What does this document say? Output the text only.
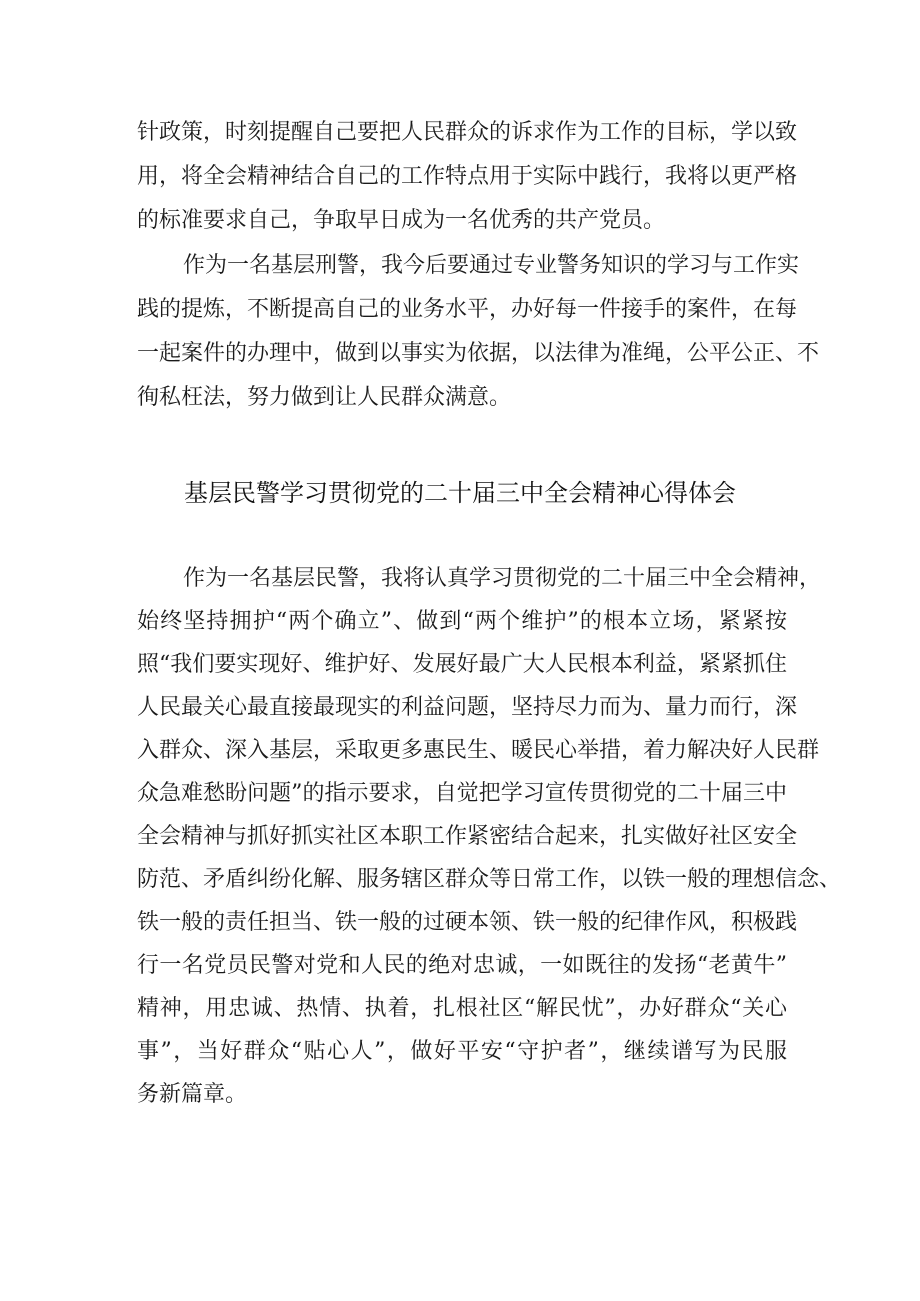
针政策，时刻提醒自己要把人民群众的诉求作为工作的目标，学以致
用，将全会精神结合自己的工作特点用于实际中践行，我将以更严格
的标准要求自己，争取早日成为一名优秀的共产党员。
作为一名基层刑警，我今后要通过专业警务知识的学习与工作实
践的提炼，不断提高自己的业务水平，办好每一件接手的案件，在每
一起案件的办理中，做到以事实为依据，以法律为准绳，公平公正、不
徇私枉法，努力做到让人民群众满意。
基层民警学习贯彻党的二十届三中全会精神心得体会
作为一名基层民警，我将认真学习贯彻党的二十届三中全会精神，
始终坚持拥护“两个确立”、做到“两个维护”的根本立场，紧紧按
照“我们要实现好、维护好、发展好最广大人民根本利益，紧紧抓住
人民最关心最直接最现实的利益问题，坚持尽力而为、量力而行，深
入群众、深入基层，采取更多惠民生、暖民心举措，着力解决好人民群
众急难愁盼问题”的指示要求，自觉把学习宣传贯彻党的二十届三中
全会精神与抓好抓实社区本职工作紧密结合起来，扎实做好社区安全
防范、矛盾纠纷化解、服务辖区群众等日常工作，以铁一般的理想信念、
铁一般的责任担当、铁一般的过硬本领、铁一般的纪律作风，积极践
行一名党员民警对党和人民的绝对忠诚，一如既往的发扬“老黄牛”
精神，用忠诚、热情、执着，扎根社区“解民忧”，办好群众“关心
事”，当好群众“贴心人”，做好平安“守护者”，继续谱写为民服
务新篇章。
